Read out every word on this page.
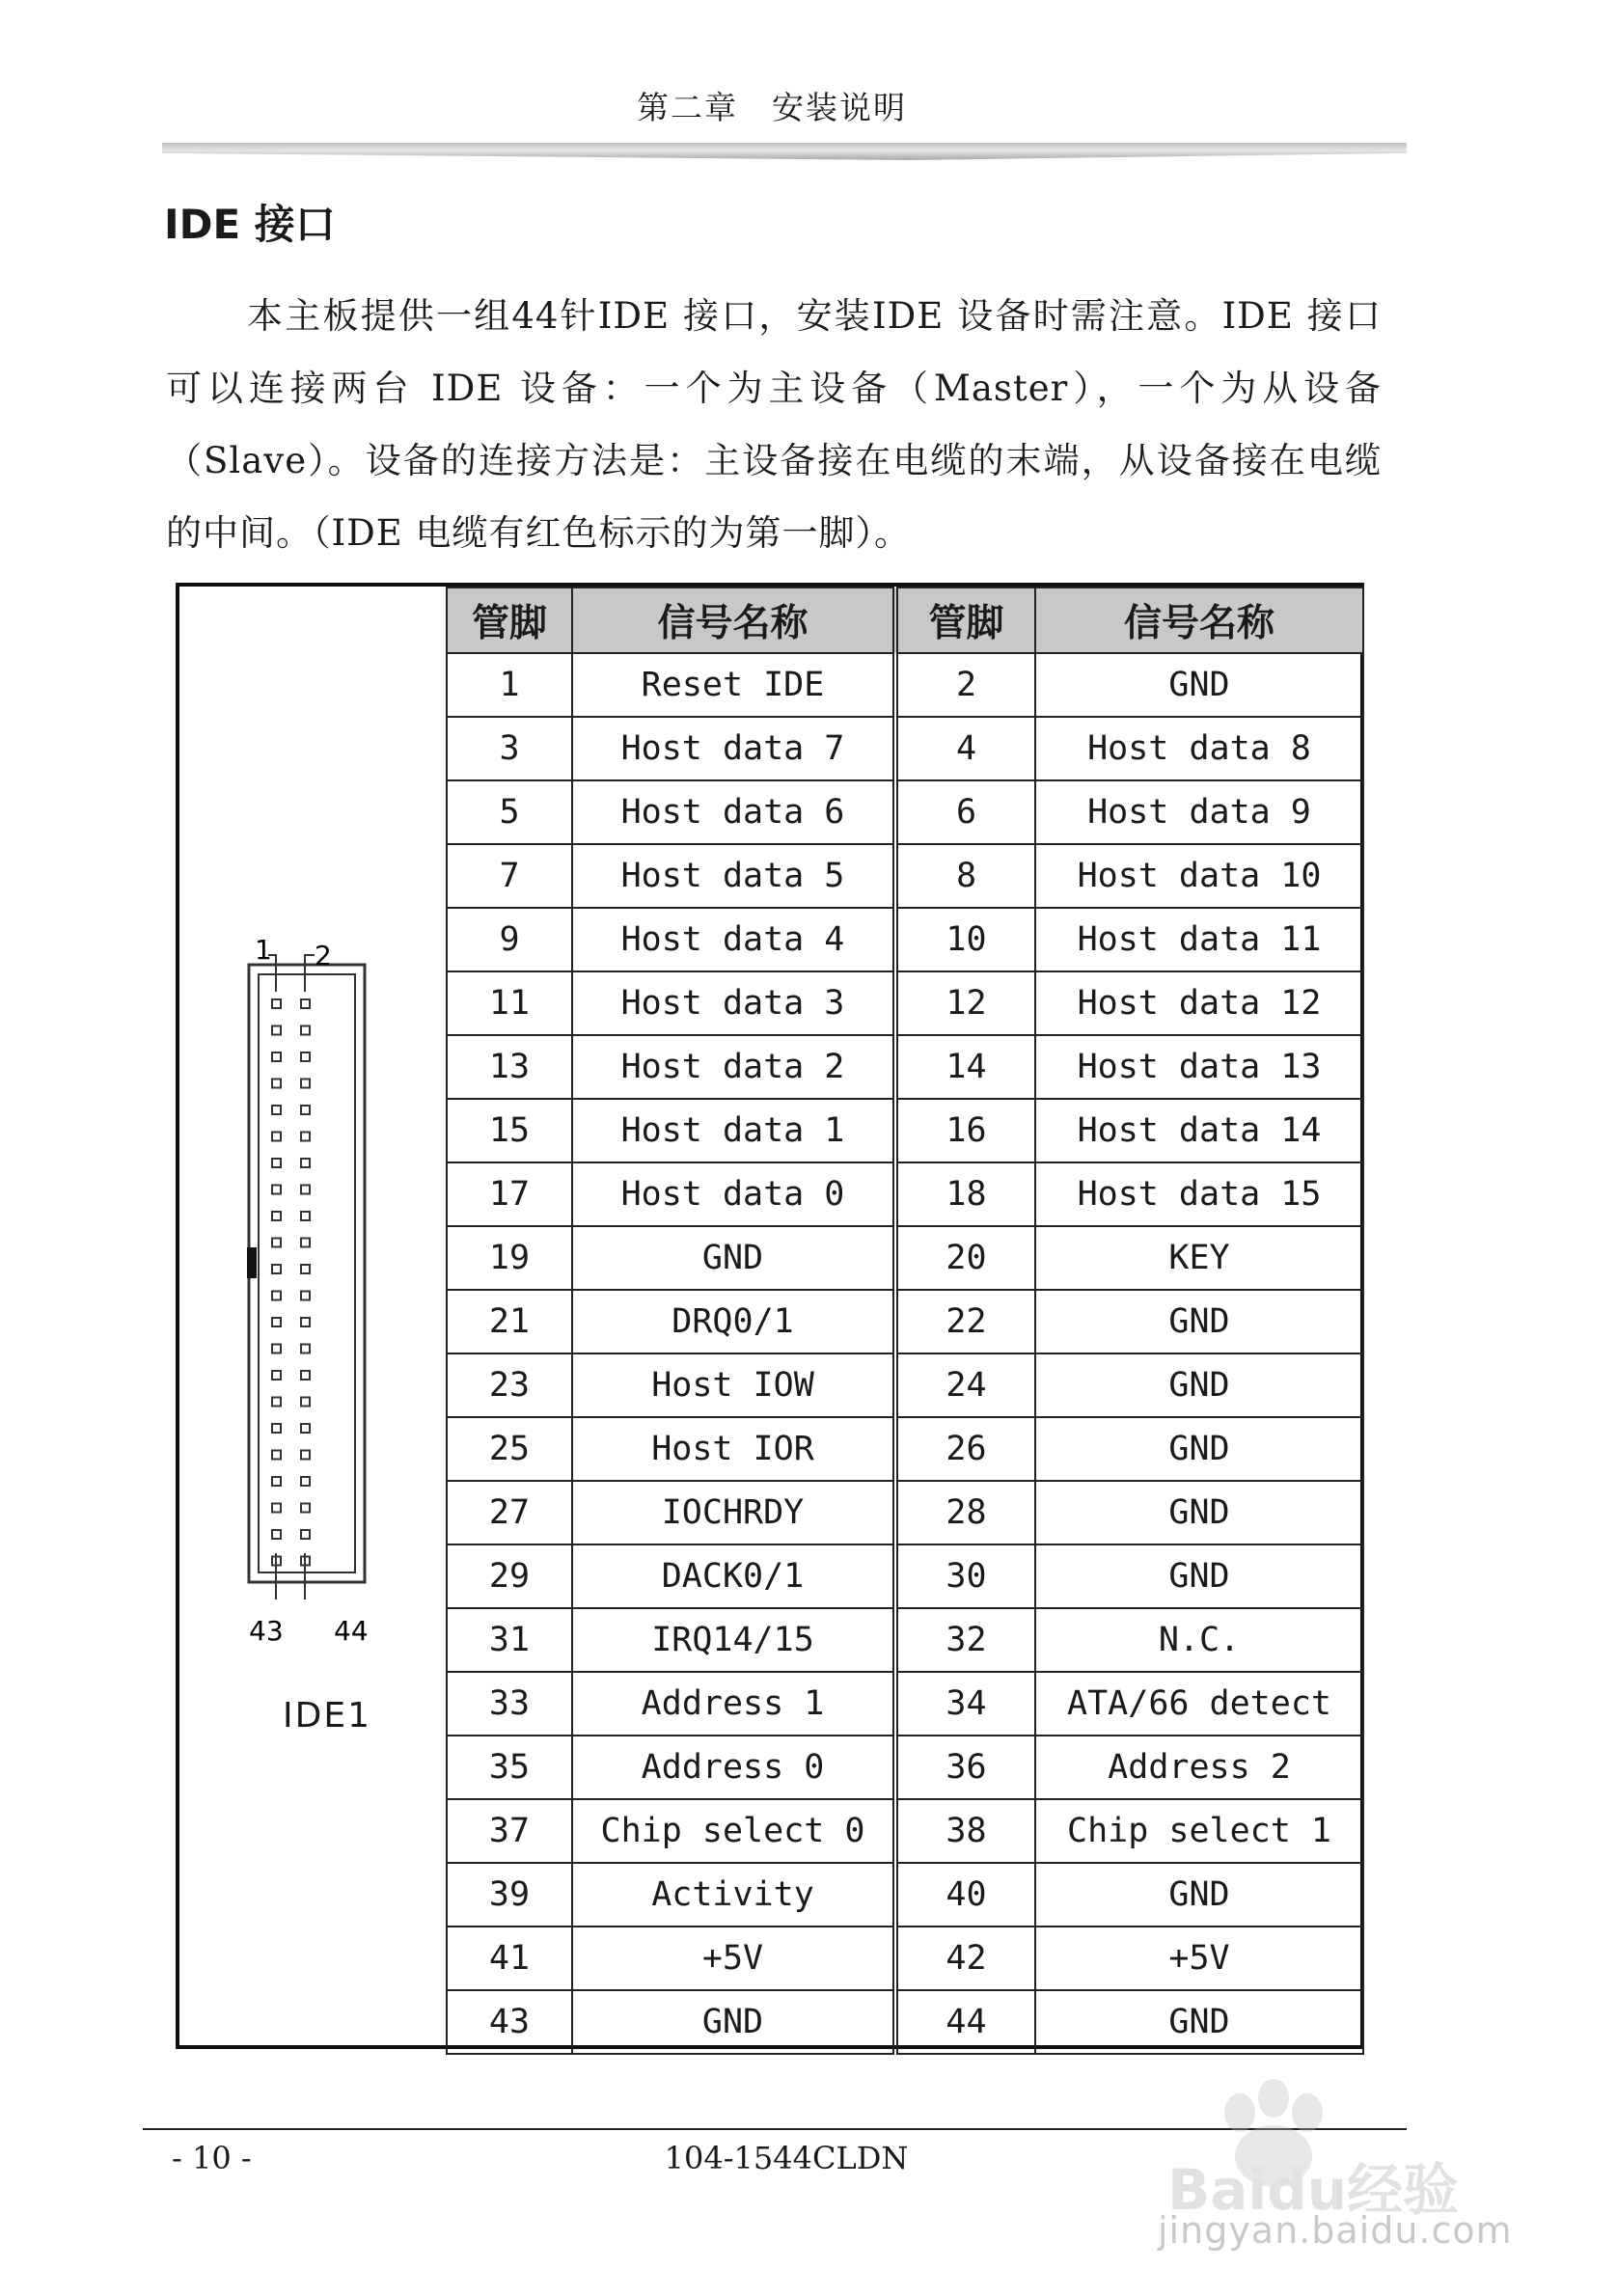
第二章　安装说明
IDE 接口
本主板提供一组44针IDE 接口，安装IDE 设备时需注意。IDE 接口可以连接两台 IDE 设备：一个为主设备（Master），一个为从设备（Slave）。设备的连接方法是：主设备接在电缆的末端，从设备接在电缆的中间。（IDE 电缆有红色标示的为第一脚）。
1 2
43 44
IDE1
管脚	信号名称	管脚	信号名称
1	Reset IDE	2	GND
3	Host data 7	4	Host data 8
5	Host data 6	6	Host data 9
7	Host data 5	8	Host data 10
9	Host data 4	10	Host data 11
11	Host data 3	12	Host data 12
13	Host data 2	14	Host data 13
15	Host data 1	16	Host data 14
17	Host data 0	18	Host data 15
19	GND	20	KEY
21	DRQ0/1	22	GND
23	Host IOW	24	GND
25	Host IOR	26	GND
27	IOCHRDY	28	GND
29	DACK0/1	30	GND
31	IRQ14/15	32	N.C.
33	Address 1	34	ATA/66 detect
35	Address 0	36	Address 2
37	Chip select 0	38	Chip select 1
39	Activity	40	GND
41	+5V	42	+5V
43	GND	44	GND
- 10 -	104-1544CLDN	Baidu经验
jingyan.baidu.com
